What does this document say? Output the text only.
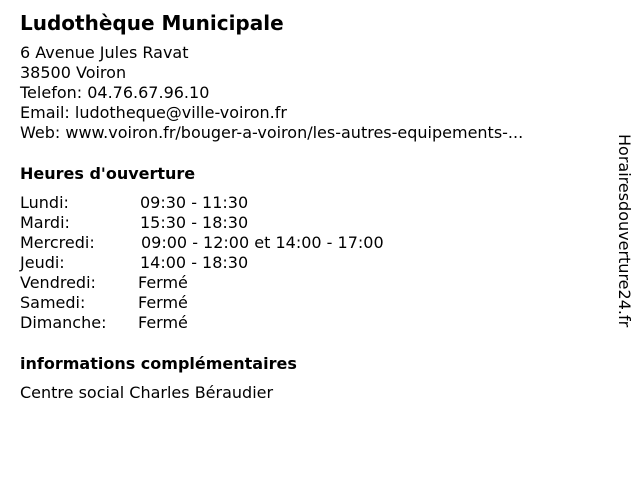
Ludothèque Municipale
6 Avenue Jules Ravat
38500 Voiron
Telefon: 04.76.67.96.10
Email: ludotheque@ville-voiron.fr
Web: www.voiron.fr/bouger-a-voiron/les-autres-equipements-...
Heures d'ouverture
Lundi:	09:30 - 11:30
Mardi:	15:30 - 18:30
Mercredi:	09:00 - 12:00 et 14:00 - 17:00
Jeudi:	14:00 - 18:30
Vendredi:	Fermé
Samedi:	Fermé
Dimanche: Fermé
informations complémentaires
Centre social Charles Béraudier
Horairesdouverture24.fr
